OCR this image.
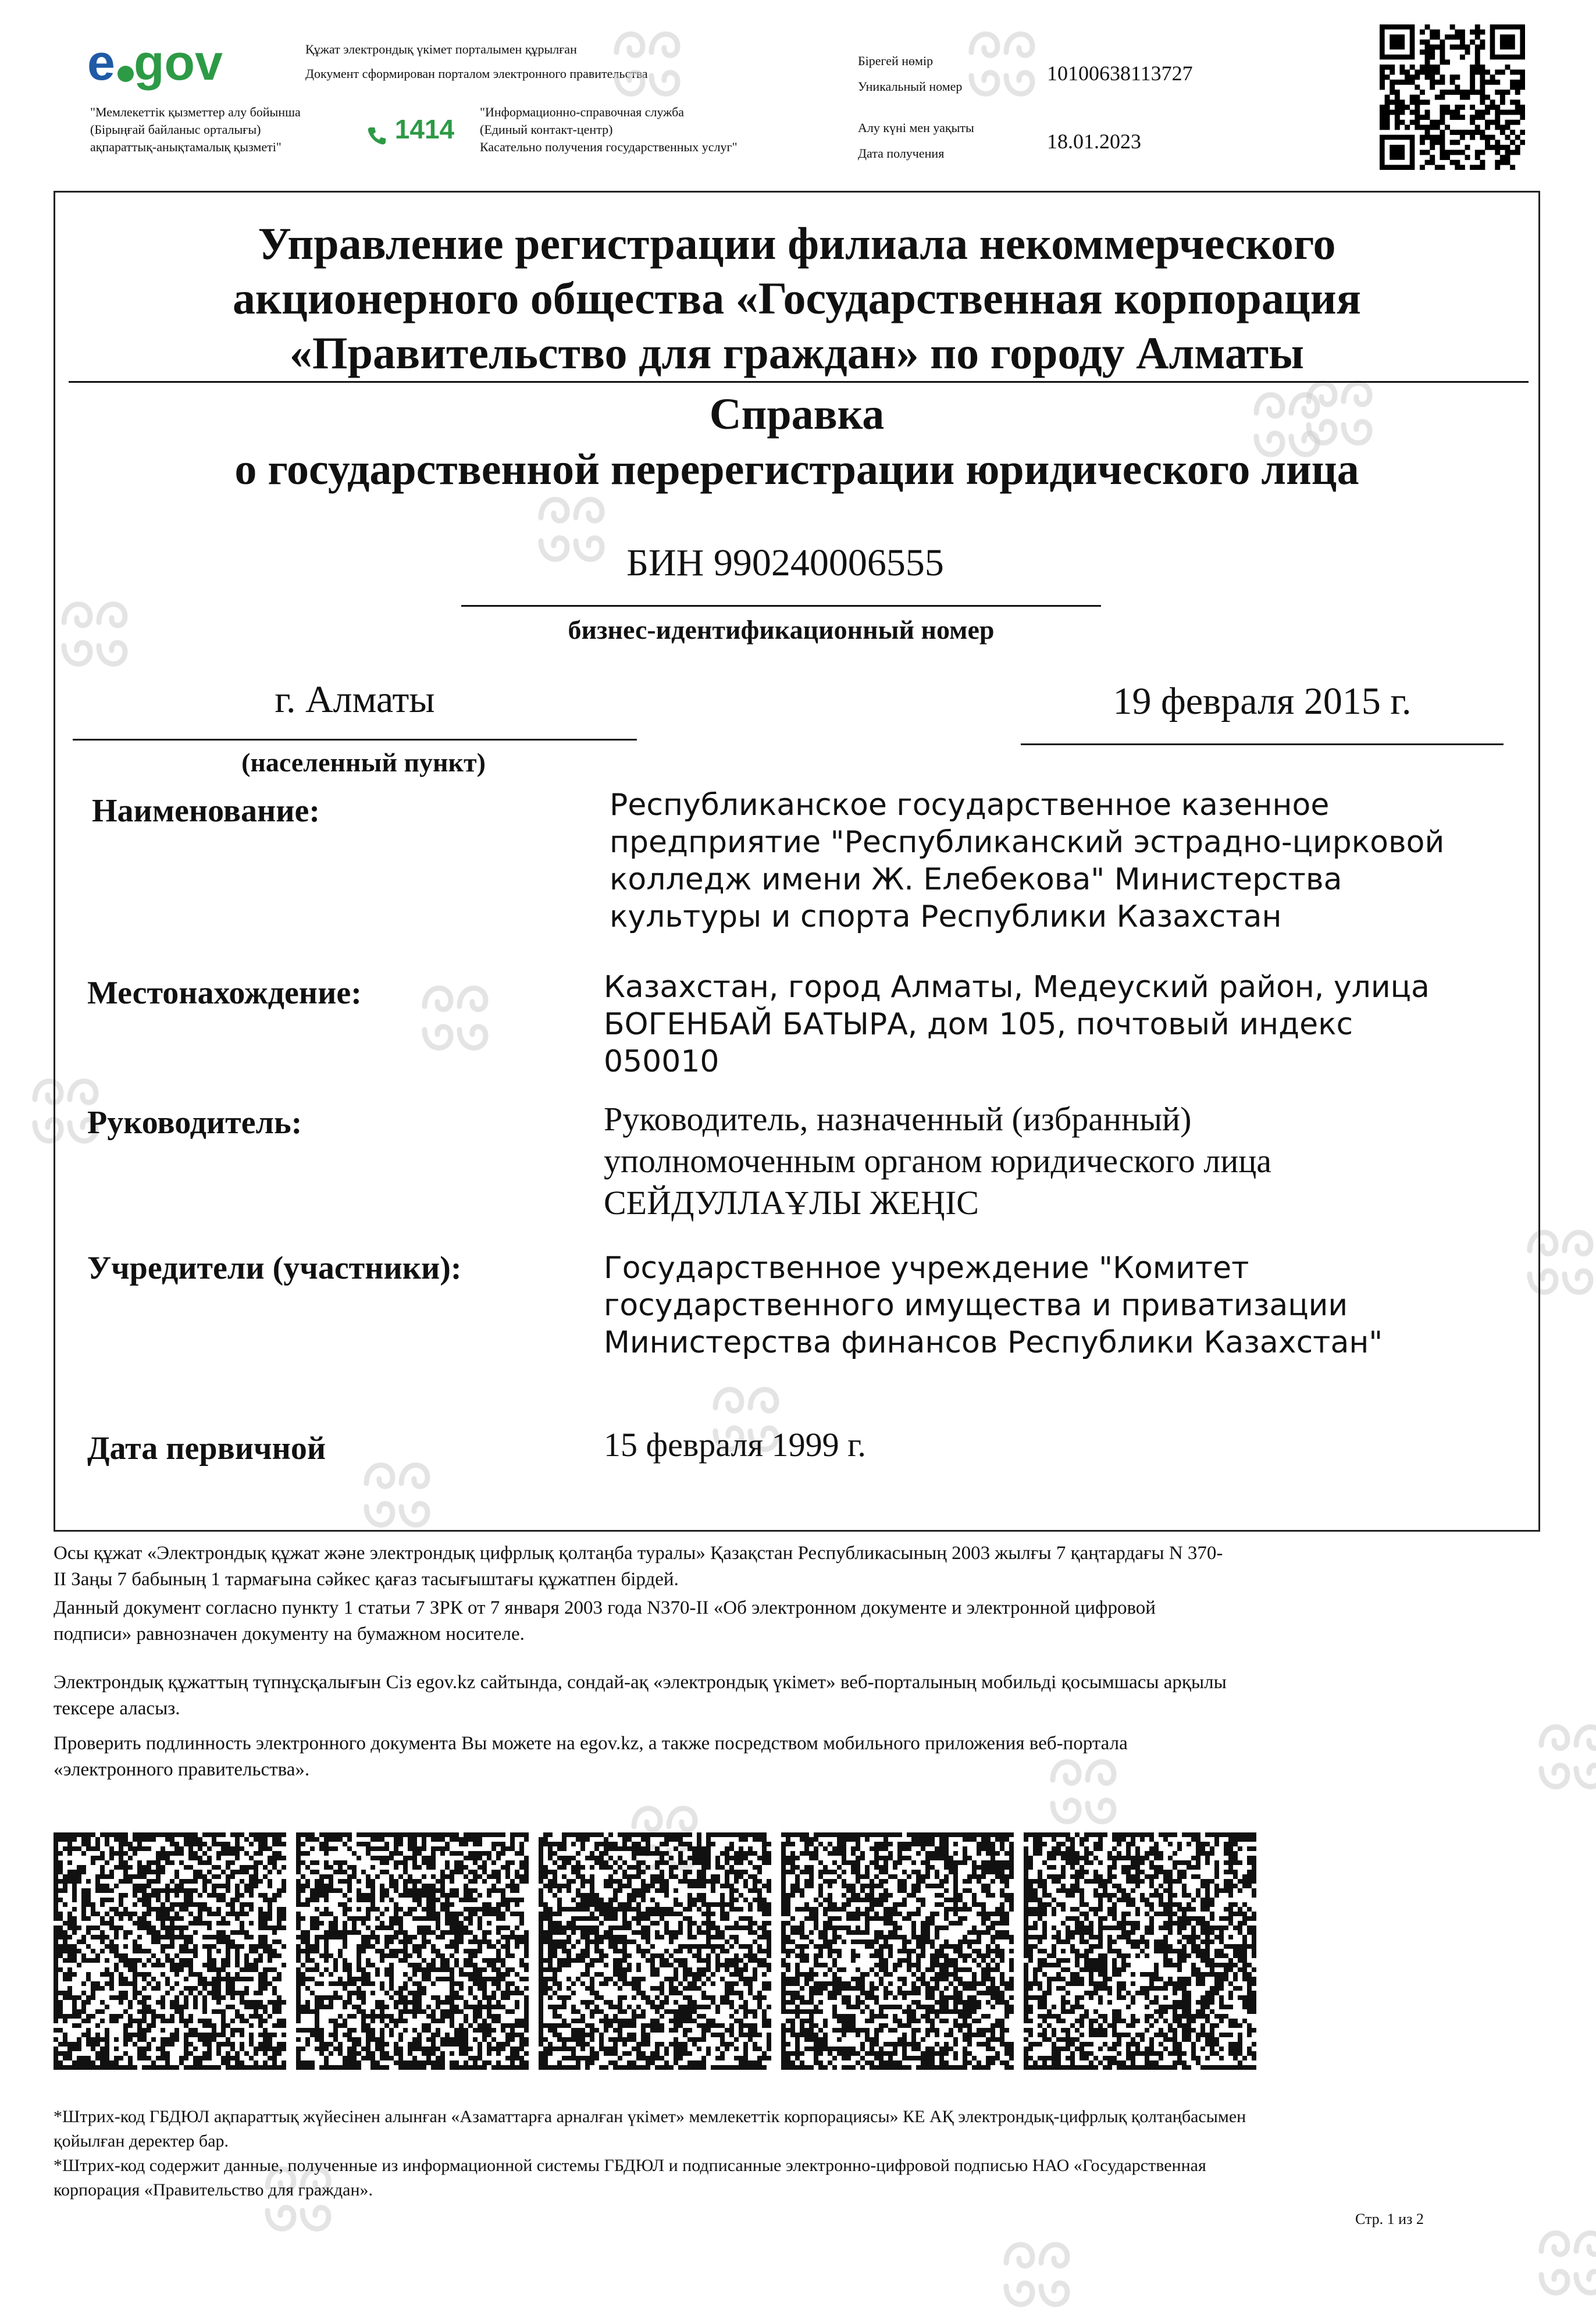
e gov	Құжат электрондық үкімет порталымен құрылған
Документ сформирован порталом электронного правительства
"Мемлекеттік қызметтер алу бойынша
(Бірыңғай байланыс орталығы)
ақпараттық-анықтамалық қызметі"
1414
"Информационно-справочная служба
(Единый контакт-центр)
Касательно получения государственных услуг"
Бірегей нөмір
Уникальный номер
10100638113727
Алу күні мен уақыты
Дата получения
18.01.2023
Управление регистрации филиала некоммерческого
акционерного общества «Государственная корпорация
«Правительство для граждан» по городу Алматы
Справка
о государственной перерегистрации юридического лица
БИН 990240006555
бизнес-идентификационный номер
г. Алматы
(населенный пункт)
19 февраля 2015 г.
Наименование:	Республиканское государственное казенное
предприятие "Республиканский эстрадно-цирковой
колледж имени Ж. Елебекова" Министерства
культуры и спорта Республики Казахстан
Местонахождение:	Казахстан, город Алматы, Медеуский район, улица
БОГЕНБАЙ БАТЫРА, дом 105, почтовый индекс
050010
Руководитель:	Руководитель, назначенный (избранный)
уполномоченным органом юридического лица
СЕЙДУЛЛАҰЛЫ ЖЕҢІС
Учредители (участники):	Государственное учреждение "Комитет
государственного имущества и приватизации
Министерства финансов Республики Казахстан"
Дата первичной	15 февраля 1999 г.
Осы құжат «Электрондық құжат және электрондық цифрлық қолтаңба туралы» Қазақстан Республикасының 2003 жылғы 7 қаңтардағы N 370-
II Заңы 7 бабының 1 тармағына сәйкес қағаз тасығыштағы құжатпен бірдей.
Данный документ согласно пункту 1 статьи 7 ЗРК от 7 января 2003 года N370-II «Об электронном документе и электронной цифровой
подписи» равнозначен документу на бумажном носителе.
Электрондық құжаттың түпнұсқалығын Сіз egov.kz сайтында, сондай-ақ «электрондық үкімет» веб-порталының мобильді қосымшасы арқылы
тексере аласыз.
Проверить подлинность электронного документа Вы можете на egov.kz, а также посредством мобильного приложения веб-портала
«электронного правительства».
*Штрих-код ГБДЮЛ ақпараттық жүйесінен алынған «Азаматтарға арналған үкімет» мемлекеттік корпорациясы» КЕ АҚ электрондық-цифрлық қолтаңбасымен
қойылған деректер бар.
*Штрих-код содержит данные, полученные из информационной системы ГБДЮЛ и подписанные электронно-цифровой подписью НАО «Государственная
корпорация «Правительство для граждан».
Стр. 1 из 2
